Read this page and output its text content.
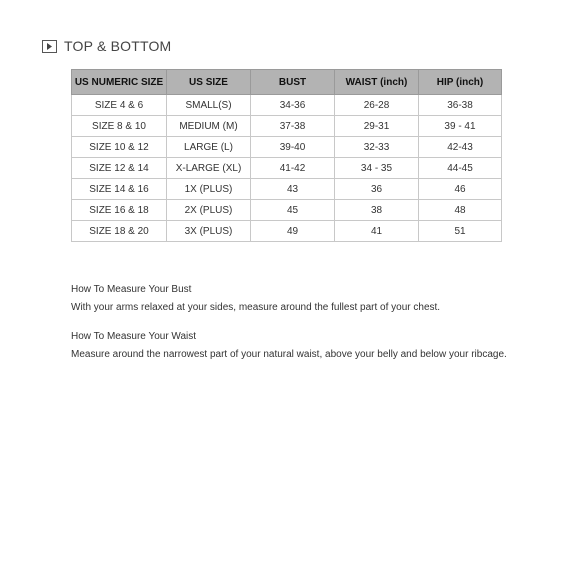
TOP & BOTTOM
US NUMERIC SIZE	US SIZE	BUST	WAIST (inch)	HIP (inch)
SIZE 4 & 6	SMALL(S)	34-36	26-28	36-38
SIZE 8 & 10	MEDIUM (M)	37-38	29-31	39 - 41
SIZE 10 & 12	LARGE (L)	39-40	32-33	42-43
SIZE 12 & 14	X-LARGE (XL)	41-42	34 - 35	44-45
SIZE 14 & 16	1X (PLUS)	43	36	46
SIZE 16 & 18	2X (PLUS)	45	38	48
SIZE 18 & 20	3X (PLUS)	49	41	51
How To Measure Your Bust
With your arms relaxed at your sides, measure around the fullest part of your chest.
How To Measure Your Waist
Measure around the narrowest part of your natural waist, above your belly and below your ribcage.
